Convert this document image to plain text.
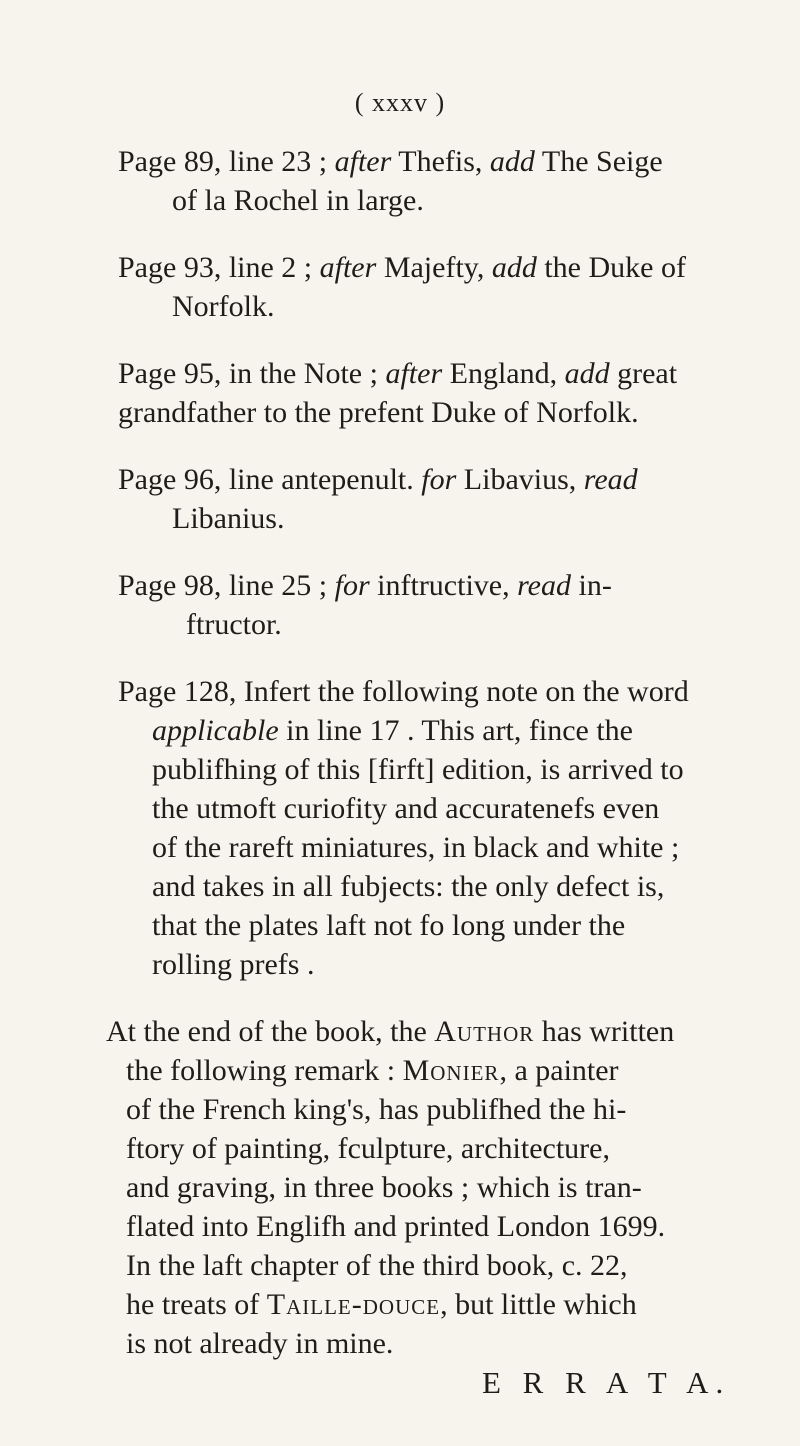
( xxxv )
Page 89, line 23 ; after Thefis, add The Seige
of la Rochel in large.
Page 93, line 2 ; after Majefty, add the Duke of
Norfolk.
Page 95, in the Note ; after England, add great
grandfather to the prefent Duke of Norfolk.
Page 96, line antepenult. for Libavius, read
Libanius.
Page 98, line 25 ; for inftructive, read in-
ftructor.
Page 128, Infert the following note on the word
applicable in line 17 . This art, fince the
publifhing of this [firft] edition, is arrived to
the utmoft curiofity and accuratenefs even
of the rareft miniatures, in black and white ;
and takes in all fubjects: the only defect is,
that the plates laft not fo long under the
rolling prefs .
At the end of the book, the Author has written
the following remark : Monier, a painter
of the French king's, has publifhed the hi-
ftory of painting, fculpture, architecture,
and graving, in three books ; which is tran-
flated into Englifh and printed London 1699.
In the laft chapter of the third book, c. 22,
he treats of Taille-douce, but little which
is not already in mine.
E R R A T A.
